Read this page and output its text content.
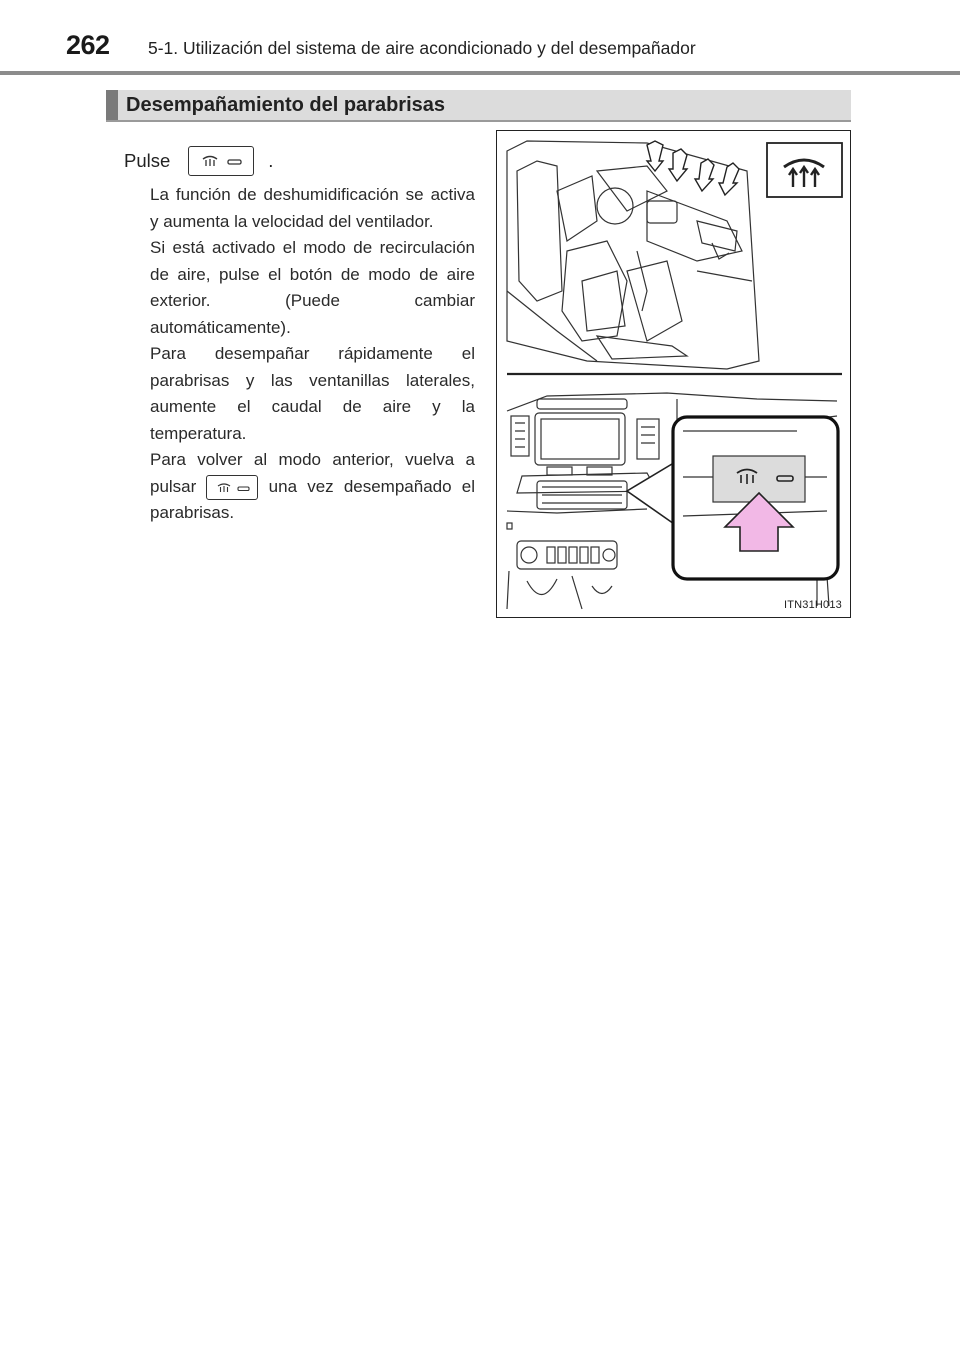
262 5-1. Utilización del sistema de aire acondicionado y del desempañador
Desempañamiento del parabrisas
Pulse	.

La función de deshumidificación se activa y aumenta la velocidad del ventilador.

Si está activado el modo de recirculación de aire, pulse el botón de modo de aire exterior. (Puede cambiar automáticamente).

Para desempañar rápidamente el parabrisas y las ventanillas laterales, aumente el caudal de aire y la temperatura.

Para volver al modo anterior, vuelva a pulsar	una vez desempañado el parabrisas.

ITN31H013
